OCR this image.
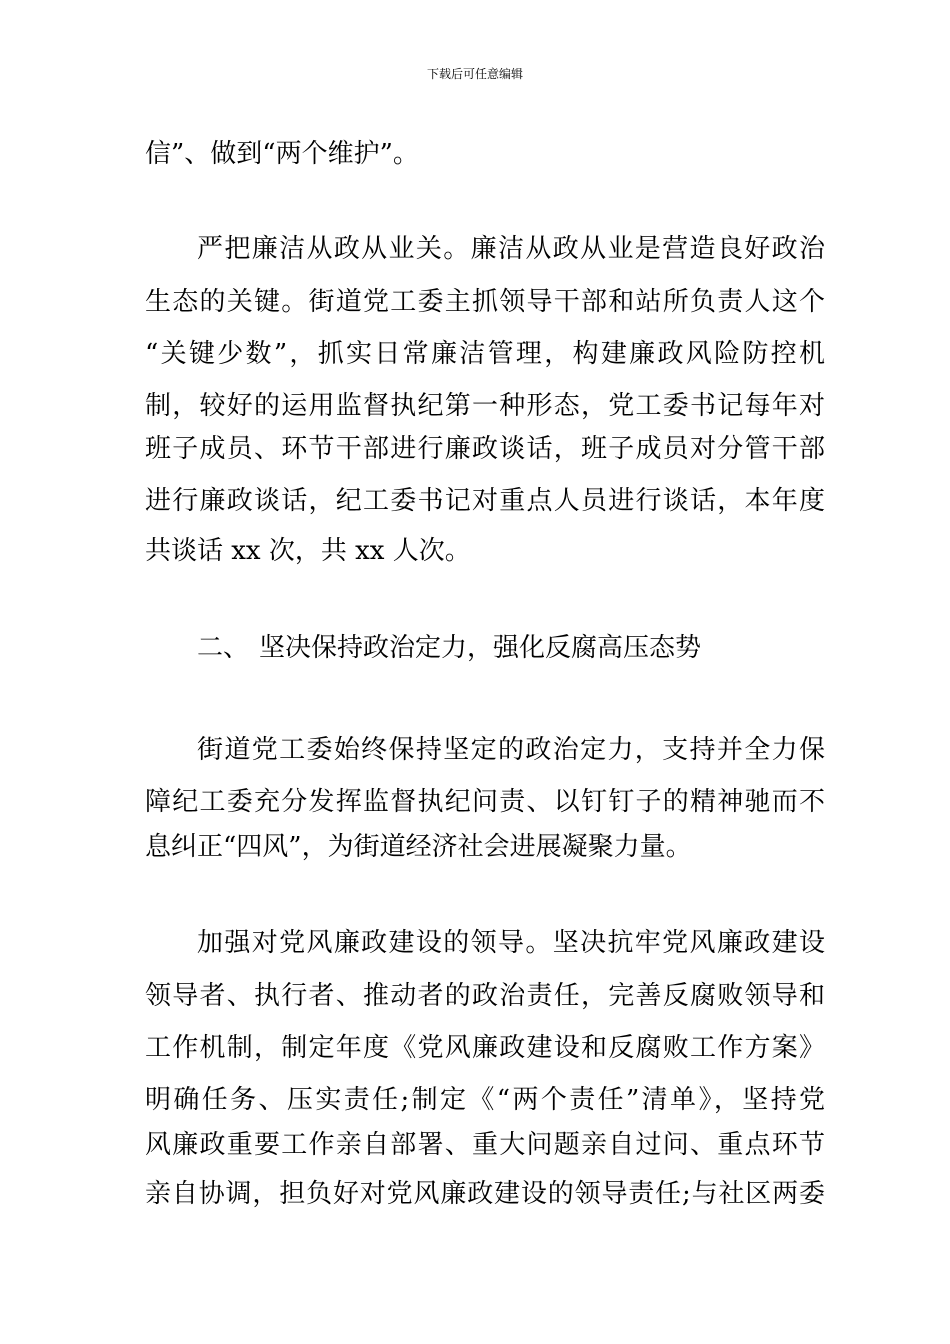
下载后可任意编辑
信”、做到“两个维护”。
严把廉洁从政从业关。廉洁从政从业是营造良好政治
生态的关键。街道党工委主抓领导干部和站所负责人这个
“关键少数”，抓实日常廉洁管理，构建廉政风险防控机
制，较好的运用监督执纪第一种形态，党工委书记每年对
班子成员、环节干部进行廉政谈话，班子成员对分管干部
进行廉政谈话，纪工委书记对重点人员进行谈话，本年度
共谈话 xx 次，共 xx 人次。
二、 坚决保持政治定力，强化反腐高压态势
街道党工委始终保持坚定的政治定力，支持并全力保
障纪工委充分发挥监督执纪问责、以钉钉子的精神驰而不
息纠正“四风”，为街道经济社会进展凝聚力量。
加强对党风廉政建设的领导。坚决抗牢党风廉政建设
领导者、执行者、推动者的政治责任，完善反腐败领导和
工作机制，制定年度《党风廉政建设和反腐败工作方案》
明确任务、压实责任;制定《“两个责任”清单》，坚持党
风廉政重要工作亲自部署、重大问题亲自过问、重点环节
亲自协调，担负好对党风廉政建设的领导责任;与社区两委
